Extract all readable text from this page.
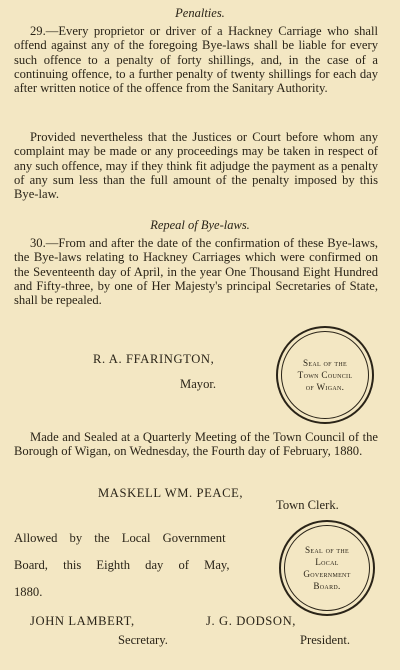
Penalties.

29.—Every proprietor or driver of a Hackney Carriage who shall offend against any of the foregoing Bye-laws shall be liable for every such offence to a penalty of forty shillings, and, in the case of a continuing offence, to a further penalty of twenty shillings for each day after written notice of the offence from the Sanitary Authority.

Provided nevertheless that the Justices or Court before whom any complaint may be made or any proceedings may be taken in respect of any such offence, may if they think fit adjudge the payment as a penalty of any sum less than the full amount of the penalty imposed by this Bye-law.

Repeal of Bye-laws.

30.—From and after the date of the confirmation of these Bye-laws, the Bye-laws relating to Hackney Carriages which were confirmed on the Seventeenth day of April, in the year One Thousand Eight Hundred and Fifty-three, by one of Her Majesty's principal Secretaries of State, shall be repealed.

R. A. FFARINGTON,
Mayor.
Seal of the
Town Council
of Wigan.

Made and Sealed at a Quarterly Meeting of the Town Council of the Borough of Wigan, on Wednesday, the Fourth day of February, 1880.

MASKELL WM. PEACE,
Town Clerk.
Allowed by the Local Government
Board, this Eighth day of May,
1880.
Seal of the
Local
Government
Board.
JOHN LAMBERT,
Secretary.
J. G. DODSON,
President.
